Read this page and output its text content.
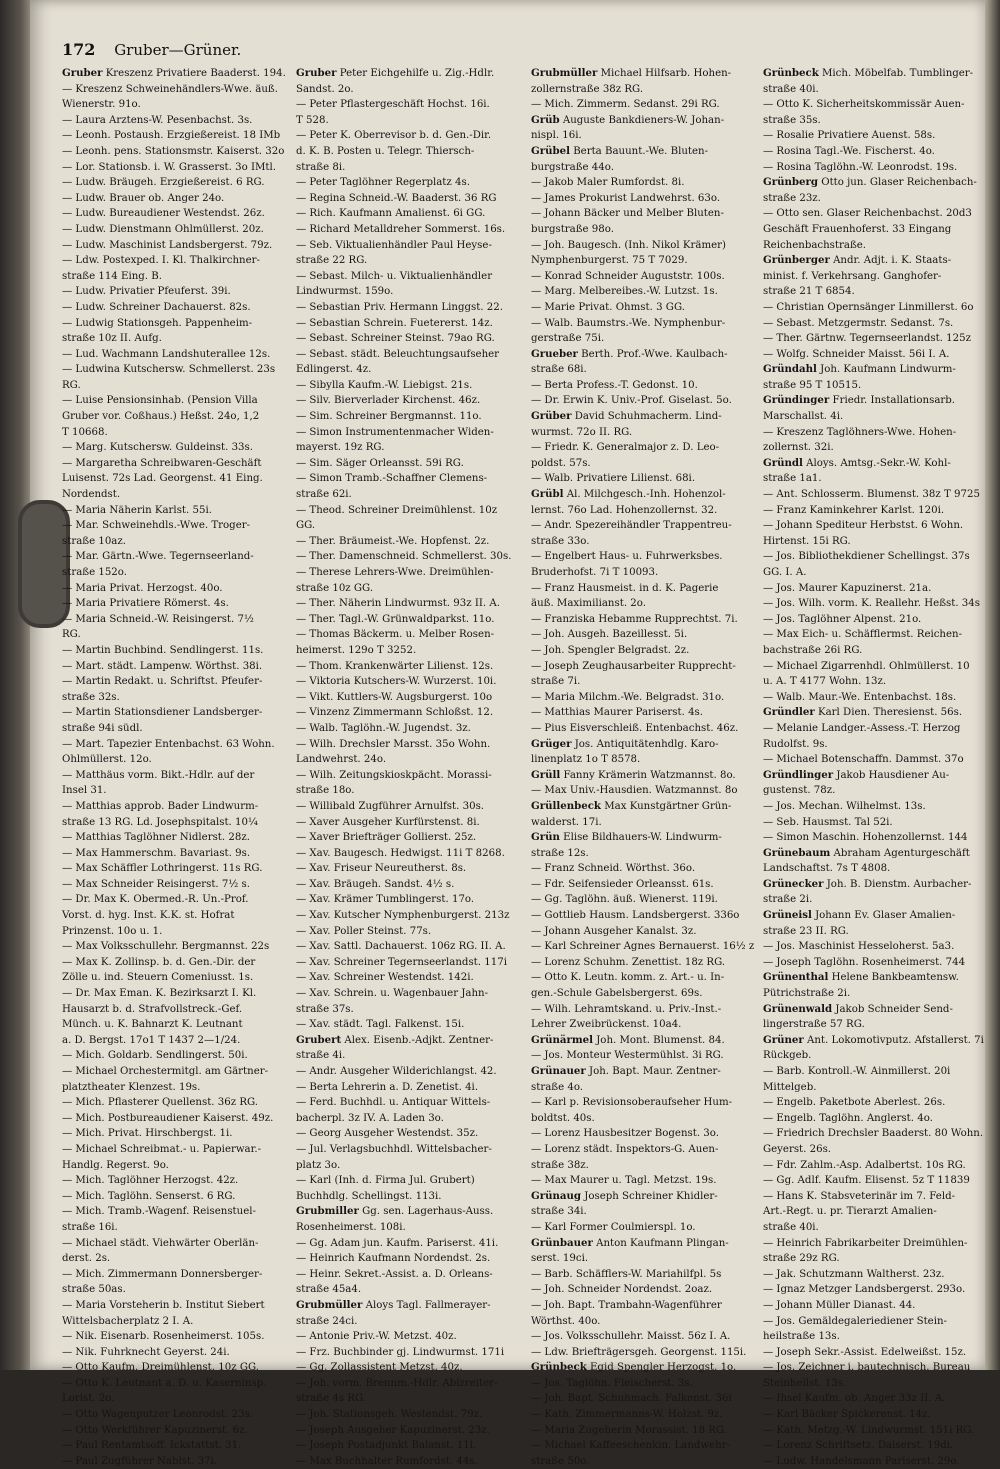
172 Gruber—Grüner.
Gruber Kreszenz Privatiere Baaderst. 194.
— Kreszenz Schweinehändlers-Wwe. äuß.
Wienerstr. 91o.
— Laura Arztens-W. Pesenbachst. 3s.
— Leonh. Postaush. Erzgießereist. 18 IMb
— Leonh. pens. Stationsmstr. Kaiserst. 32o
— Lor. Stationsb. i. W. Grasserst. 3o IMtl.
— Ludw. Bräugeh. Erzgießereist. 6 RG.
— Ludw. Brauer ob. Anger 24o.
— Ludw. Bureaudiener Westendst. 26z.
— Ludw. Dienstmann Ohlmüllerst. 20z.
— Ludw. Maschinist Landsbergerst. 79z.
— Ldw. Postexped. I. Kl. Thalkirchner-
straße 114 Eing. B.
— Ludw. Privatier Pfeuferst. 39i.
— Ludw. Schreiner Dachauerst. 82s.
— Ludwig Stationsgeh. Pappenheim-
straße 10z II. Aufg.
— Lud. Wachmann Landshuterallee 12s.
— Ludwina Kutschersw. Schmellerst. 23s
RG.
— Luise Pensionsinhab. (Pension Villa
Gruber vor. Coßhaus.) Heßst. 24o, 1,2
T 10668.
— Marg. Kutschersw. Guldeinst. 33s.
— Margaretha Schreibwaren-Geschäft
Luisenst. 72s Lad. Georgenst. 41 Eing.
Nordendst.
— Maria Näherin Karlst. 55i.
— Mar. Schweinehdls.-Wwe. Troger-
straße 10az.
— Mar. Gärtn.-Wwe. Tegernseerland-
straße 152o.
— Maria Privat. Herzogst. 40o.
— Maria Privatiere Römerst. 4s.
— Maria Schneid.-W. Reisingerst. 7½
RG.
— Martin Buchbind. Sendlingerst. 11s.
— Mart. städt. Lampenw. Wörthst. 38i.
— Martin Redakt. u. Schriftst. Pfeufer-
straße 32s.
— Martin Stationsdiener Landsberger-
straße 94i südl.
— Mart. Tapezier Entenbachst. 63 Wohn.
Ohlmüllerst. 12o.
— Matthäus vorm. Bikt.-Hdlr. auf der
Insel 31.
— Matthias approb. Bader Lindwurm-
straße 13 RG. Ld. Josephspitalst. 10¼
— Matthias Taglöhner Nidlerst. 28z.
— Max Hammerschm. Bavariast. 9s.
— Max Schäffler Lothringerst. 11s RG.
— Max Schneider Reisingerst. 7½ s.
— Dr. Max K. Obermed.-R. Un.-Prof.
Vorst. d. hyg. Inst. K.K. st. Hofrat
Prinzenst. 10o u. 1.
— Max Volksschullehr. Bergmannst. 22s
— Max K. Zollinsp. b. d. Gen.-Dir. der
Zölle u. ind. Steuern Comeniusst. 1s.
— Dr. Max Eman. K. Bezirksarzt I. Kl.
Hausarzt b. d. Strafvollstreck.-Gef.
Münch. u. K. Bahnarzt K. Leutnant
a. D. Bergst. 17o1 T 1437 2—1/24.
— Mich. Goldarb. Sendlingerst. 50i.
— Michael Orchestermitgl. am Gärtner-
platztheater Klenzest. 19s.
— Mich. Pflasterer Quellenst. 36z RG.
— Mich. Postbureaudiener Kaiserst. 49z.
— Mich. Privat. Hirschbergst. 1i.
— Michael Schreibmat.- u. Papierwar.-
Handlg. Regerst. 9o.
— Mich. Taglöhner Herzogst. 42z.
— Mich. Taglöhn. Senserst. 6 RG.
— Mich. Tramb.-Wagenf. Reisenstuel-
straße 16i.
— Michael städt. Viehwärter Oberlän-
derst. 2s.
— Mich. Zimmermann Donnersberger-
straße 50as.
— Maria Vorsteherin b. Institut Siebert
Wittelsbacherplatz 2 I. A.
— Nik. Eisenarb. Rosenheimerst. 105s.
— Nik. Fuhrknecht Geyerst. 24i.
— Otto Kaufm. Dreimühlenst. 10z GG.
— Otto K. Leutnant a. D. u. Kaserninsp.
Lorist. 2o.
— Otto Wagenputzer Leonrodst. 23s.
— Otto Werkführer Kapuzinerst. 6z.
— Paul Rentamtsoff. Ickstattst. 31.
— Paul Zugführer Nablst. 37i.
Gruber Peter Eichgehilfe u. Zig.-Hdlr.
Sandst. 2o.
— Peter Pflastergeschäft Hochst. 16i.
T 528.
— Peter K. Oberrevisor b. d. Gen.-Dir.
d. K. B. Posten u. Telegr. Thiersch-
straße 8i.
— Peter Taglöhner Regerplatz 4s.
— Regina Schneid.-W. Baaderst. 36 RG
— Rich. Kaufmann Amalienst. 6i GG.
— Richard Metalldreher Sommerst. 16s.
— Seb. Viktualienhändler Paul Heyse-
straße 22 RG.
— Sebast. Milch- u. Viktualienhändler
Lindwurmst. 159o.
— Sebastian Priv. Hermann Linggst. 22.
— Sebastian Schrein. Fuetererst. 14z.
— Sebast. Schreiner Steinst. 79ao RG.
— Sebast. städt. Beleuchtungsaufseher
Edlingerst. 4z.
— Sibylla Kaufm.-W. Liebigst. 21s.
— Silv. Bierverlader Kirchenst. 46z.
— Sim. Schreiner Bergmannst. 11o.
— Simon Instrumentenmacher Widen-
mayerst. 19z RG.
— Sim. Säger Orleansst. 59i RG.
— Simon Tramb.-Schaffner Clemens-
straße 62i.
— Theod. Schreiner Dreimühlenst. 10z
GG.
— Ther. Bräumeist.-We. Hopfenst. 2z.
— Ther. Damenschneid. Schmellerst. 30s.
— Therese Lehrers-Wwe. Dreimühlen-
straße 10z GG.
— Ther. Näherin Lindwurmst. 93z II. A.
— Ther. Tagl.-W. Grünwaldparkst. 11o.
— Thomas Bäckerm. u. Melber Rosen-
heimerst. 129o T 3252.
— Thom. Krankenwärter Lilienst. 12s.
— Viktoria Kutschers-W. Wurzerst. 10i.
— Vikt. Kuttlers-W. Augsburgerst. 10o
— Vinzenz Zimmermann Schloßst. 12.
— Walb. Taglöhn.-W. Jugendst. 3z.
— Wilh. Drechsler Marsst. 35o Wohn.
Landwehrst. 24o.
— Wilh. Zeitungskioskpächt. Morassi-
straße 18o.
— Willibald Zugführer Arnulfst. 30s.
— Xaver Ausgeher Kurfürstenst. 8i.
— Xaver Briefträger Gollierst. 25z.
— Xav. Baugesch. Hedwigst. 11i T 8268.
— Xav. Friseur Neureutherst. 8s.
— Xav. Bräugeh. Sandst. 4½ s.
— Xav. Krämer Tumblingerst. 17o.
— Xav. Kutscher Nymphenburgerst. 213z
— Xav. Poller Steinst. 77s.
— Xav. Sattl. Dachauerst. 106z RG. II. A.
— Xav. Schreiner Tegernseerlandst. 117i
— Xav. Schreiner Westendst. 142i.
— Xav. Schrein. u. Wagenbauer Jahn-
straße 37s.
— Xav. städt. Tagl. Falkenst. 15i.
Grubert Alex. Eisenb.-Adjkt. Zentner-
straße 4i.
— Andr. Ausgeher Wilderichlangst. 42.
— Berta Lehrerin a. D. Zenetist. 4i.
— Ferd. Buchhdl. u. Antiquar Wittels-
bacherpl. 3z IV. A. Laden 3o.
— Georg Ausgeher Westendst. 35z.
— Jul. Verlagsbuchhdl. Wittelsbacher-
platz 3o.
— Karl (Inh. d. Firma Jul. Grubert)
Buchhdlg. Schellingst. 113i.
Grubmiller Gg. sen. Lagerhaus-Auss.
Rosenheimerst. 108i.
— Gg. Adam jun. Kaufm. Pariserst. 41i.
— Heinrich Kaufmann Nordendst. 2s.
— Heinr. Sekret.-Assist. a. D. Orleans-
straße 45a4.
Grubmüller Aloys Tagl. Fallmerayer-
straße 24ci.
— Antonie Priv.-W. Metzst. 40z.
— Frz. Buchbinder gj. Lindwurmst. 171i
— Gg. Zollassistent Metzst. 40z.
— Joh. vorm. Brennm.-Hdlr. Ablzreiter-
straße 4s RG.
— Joh. Stationsgeh. Westendst. 79z.
— Joseph Ausgeher Kapuzinerst. 23z.
— Joseph Postadjunkt Balanst. 11i.
— Max Buchhalter Rumfordst. 44s.
Grubmüller Michael Hilfsarb. Hohen-
zollernstraße 38z RG.
— Mich. Zimmerm. Sedanst. 29i RG.
Grüb Auguste Bankdieners-W. Johan-
nispl. 16i.
Grübel Berta Bauunt.-We. Bluten-
burgstraße 44o.
— Jakob Maler Rumfordst. 8i.
— James Prokurist Landwehrst. 63o.
— Johann Bäcker und Melber Bluten-
burgstraße 98o.
— Joh. Baugesch. (Inh. Nikol Krämer)
Nymphenburgerst. 75 T 7029.
— Konrad Schneider Auguststr. 100s.
— Marg. Melbereibes.-W. Lutzst. 1s.
— Marie Privat. Ohmst. 3 GG.
— Walb. Baumstrs.-We. Nymphenbur-
gerstraße 75i.
Grueber Berth. Prof.-Wwe. Kaulbach-
straße 68i.
— Berta Profess.-T. Gedonst. 10.
— Dr. Erwin K. Univ.-Prof. Giselast. 5o.
Grüber David Schuhmacherm. Lind-
wurmst. 72o II. RG.
— Friedr. K. Generalmajor z. D. Leo-
poldst. 57s.
— Walb. Privatiere Lilienst. 68i.
Grübl Al. Milchgesch.-Inh. Hohenzol-
lernst. 76o Lad. Hohenzollernst. 32.
— Andr. Spezereihändler Trappentreu-
straße 33o.
— Engelbert Haus- u. Fuhrwerksbes.
Bruderhofst. 7i T 10093.
— Franz Hausmeist. in d. K. Pagerie
äuß. Maximilianst. 2o.
— Franziska Hebamme Rupprechtst. 7i.
— Joh. Ausgeh. Bazeillesst. 5i.
— Joh. Spengler Belgradst. 2z.
— Joseph Zeughausarbeiter Rupprecht-
straße 7i.
— Maria Milchm.-We. Belgradst. 31o.
— Matthias Maurer Pariserst. 4s.
— Pius Eisverschleiß. Entenbachst. 46z.
Grüger Jos. Antiquitätenhdlg. Karo-
linenplatz 1o T 8578.
Grüll Fanny Krämerin Watzmannst. 8o.
— Max Univ.-Hausdien. Watzmannst. 8o
Grüllenbeck Max Kunstgärtner Grün-
walderst. 17i.
Grün Elise Bildhauers-W. Lindwurm-
straße 12s.
— Franz Schneid. Wörthst. 36o.
— Fdr. Seifensieder Orleansst. 61s.
— Gg. Taglöhn. äuß. Wienerst. 119i.
— Gottlieb Hausm. Landsbergerst. 336o
— Johann Ausgeher Kanalst. 3z.
— Karl Schreiner Agnes Bernauerst. 16½ z
— Lorenz Schuhm. Zenettist. 18z RG.
— Otto K. Leutn. komm. z. Art.- u. In-
gen.-Schule Gabelsbergerst. 69s.
— Wilh. Lehramtskand. u. Priv.-Inst.-
Lehrer Zweibrückenst. 10a4.
Grünärmel Joh. Mont. Blumenst. 84.
— Jos. Monteur Westermühlst. 3i RG.
Grünauer Joh. Bapt. Maur. Zentner-
straße 4o.
— Karl p. Revisionsoberaufseher Hum-
boldtst. 40s.
— Lorenz Hausbesitzer Bogenst. 3o.
— Lorenz städt. Inspektors-G. Auen-
straße 38z.
— Max Maurer u. Tagl. Metzst. 19s.
Grünaug Joseph Schreiner Khidler-
straße 34i.
— Karl Former Coulmierspl. 1o.
Grünbauer Anton Kaufmann Plingan-
serst. 19ci.
— Barb. Schäfflers-W. Mariahilfpl. 5s
— Joh. Schneider Nordendst. 2oaz.
— Joh. Bapt. Trambahn-Wagenführer
Wörthst. 40o.
— Jos. Volksschullehr. Maisst. 56z I. A.
— Ldw. Briefträgersgeh. Georgenst. 115i.
Grünbeck Egid Spengler Herzogst. 1o.
— Jos. Taglöhn. Fleischerst. 3s.
— Joh. Bapt. Schuhmach. Falkenst. 36i
— Kath. Zimmermanns-W. Holzst. 9z.
— Maria Zugeherin Morassist. 18 RG.
— Michael Kaffeeschenkin. Landwehr-
straße 50o.
Grünbeck Mich. Möbelfab. Tumblinger-
straße 40i.
— Otto K. Sicherheitskommissär Auen-
straße 35s.
— Rosalie Privatiere Auenst. 58s.
— Rosina Tagl.-We. Fischerst. 4o.
— Rosina Taglöhn.-W. Leonrodst. 19s.
Grünberg Otto jun. Glaser Reichenbach-
straße 23z.
— Otto sen. Glaser Reichenbachst. 20d3
Geschäft Frauenhoferst. 33 Eingang
Reichenbachstraße.
Grünberger Andr. Adjt. i. K. Staats-
minist. f. Verkehrsang. Ganghofer-
straße 21 T 6854.
— Christian Opernsänger Linmillerst. 6o
— Sebast. Metzgermstr. Sedanst. 7s.
— Ther. Gärtnw. Tegernseerlandst. 125z
— Wolfg. Schneider Maisst. 56i I. A.
Gründahl Joh. Kaufmann Lindwurm-
straße 95 T 10515.
Gründinger Friedr. Installationsarb.
Marschallst. 4i.
— Kreszenz Taglöhners-Wwe. Hohen-
zollernst. 32i.
Gründl Aloys. Amtsg.-Sekr.-W. Kohl-
straße 1a1.
— Ant. Schlosserm. Blumenst. 38z T 9725
— Franz Kaminkehrer Karlst. 120i.
— Johann Spediteur Herbstst. 6 Wohn.
Hirtenst. 15i RG.
— Jos. Bibliothekdiener Schellingst. 37s
GG. I. A.
— Jos. Maurer Kapuzinerst. 21a.
— Jos. Wilh. vorm. K. Reallehr. Heßst. 34s
— Jos. Taglöhner Alpenst. 21o.
— Max Eich- u. Schäfflermst. Reichen-
bachstraße 26i RG.
— Michael Zigarrenhdl. Ohlmüllerst. 10
u. A. T 4177 Wohn. 13z.
— Walb. Maur.-We. Entenbachst. 18s.
Gründler Karl Dien. Theresienst. 56s.
— Melanie Landger.-Assess.-T. Herzog
Rudolfst. 9s.
— Michael Botenschaffn. Dammst. 37o
Gründlinger Jakob Hausdiener Au-
gustenst. 78z.
— Jos. Mechan. Wilhelmst. 13s.
— Seb. Hausmst. Tal 52i.
— Simon Maschin. Hohenzollernst. 144
Grünebaum Abraham Agenturgeschäft
Landschaftst. 7s T 4808.
Grünecker Joh. B. Dienstm. Aurbacher-
straße 2i.
Grüneisl Johann Ev. Glaser Amalien-
straße 23 II. RG.
— Jos. Maschinist Hesseloherst. 5a3.
— Joseph Taglöhn. Rosenheimerst. 744
Grünenthal Helene Bankbeamtensw.
Pütrichstraße 2i.
Grünenwald Jakob Schneider Send-
lingerstraße 57 RG.
Grüner Ant. Lokomotivputz. Afstallerst. 7i
Rückgeb.
— Barb. Kontroll.-W. Ainmillerst. 20i
Mittelgeb.
— Engelb. Paketbote Aberlest. 26s.
— Engelb. Taglöhn. Anglerst. 4o.
— Friedrich Drechsler Baaderst. 80 Wohn.
Geyerst. 26s.
— Fdr. Zahlm.-Asp. Adalbertst. 10s RG.
— Gg. Adlf. Kaufm. Elisenst. 5z T 11839
— Hans K. Stabsveterinär im 7. Feld-
Art.-Regt. u. pr. Tierarzt Amalien-
straße 40i.
— Heinrich Fabrikarbeiter Dreimühlen-
straße 29z RG.
— Jak. Schutzmann Waltherst. 23z.
— Ignaz Metzger Landsbergerst. 293o.
— Johann Müller Dianast. 44.
— Jos. Gemäldegaleriediener Stein-
heilstraße 13s.
— Joseph Sekr.-Assist. Edelweißst. 15z.
— Jos. Zeichner i. bautechnisch. Bureau
Steinheilst. 13s.
— Ihsel Kaufm. ob. Anger 33z II. A.
— Karl Bäcker Spickerenst. 14z.
— Kath. Metzg.-W. Lindwurmst. 151i RG.
— Lorenz Schriftsetz. Daiserst. 19di.
— Ludw. Handelsmann Pariserst. 29o.
